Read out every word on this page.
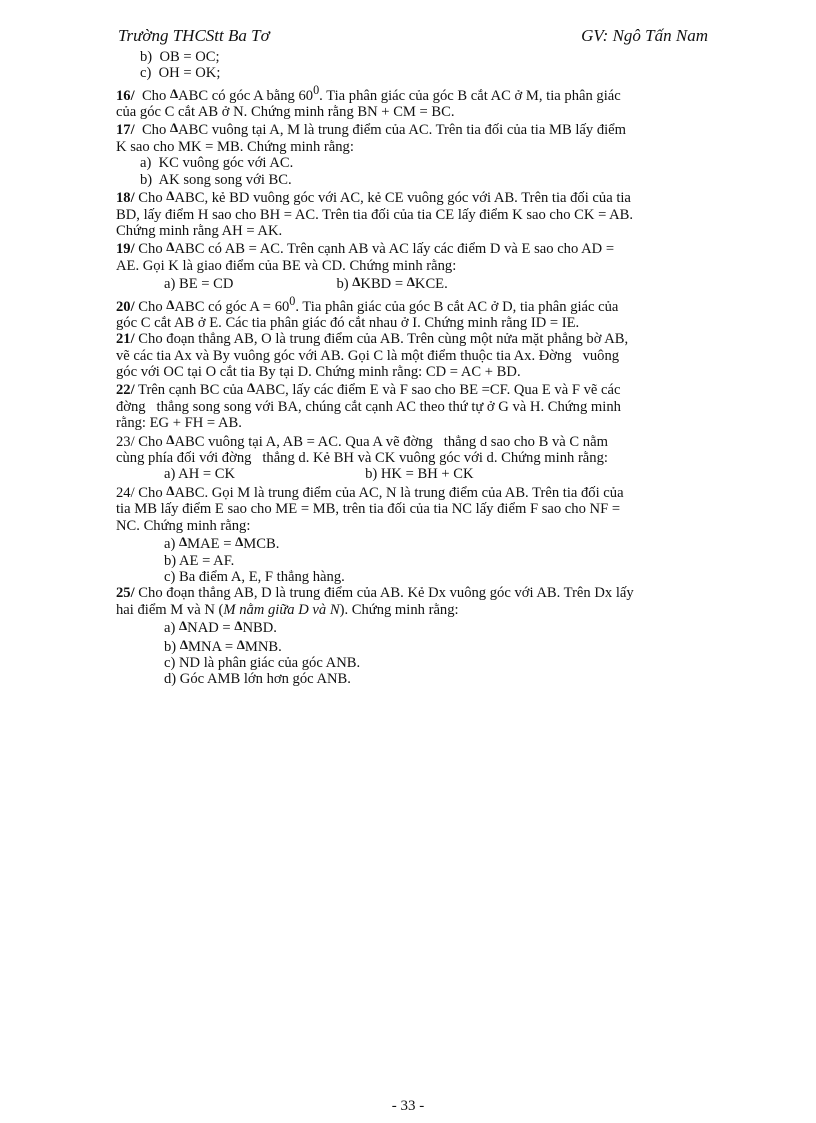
Trường THCStt Ba Tơ	GV: Ngô Tấn Nam
b)  OB = OC;
c)  OH = OK;
16/  Cho ΔABC có góc A bằng $60^0$. Tia phân giác của góc B cắt AC ở M, tia phân giác
của góc C cắt AB ở N. Chứng minh rằng BN + CM = BC.
17/  Cho ΔABC vuông tại A, M là trung điểm của AC. Trên tia đối của tia MB lấy điểm
K sao cho MK = MB. Chứng minh rằng:
a)  KC vuông góc với AC.
b)  AK song song với BC.
18/ Cho ΔABC, kẻ BD vuông góc với AC, kẻ CE vuông góc với AB. Trên tia đối của tia
BD, lấy điểm H sao cho BH = AC. Trên tia đối của tia CE lấy điểm K sao cho CK = AB.
Chứng minh rằng AH = AK.
19/ Cho ΔABC có AB = AC. Trên cạnh AB và AC lấy các điểm D và E sao cho AD =
AE. Gọi K là giao điểm của BE và CD. Chứng minh rằng:
a) BE = CD	b) ΔKBD = ΔKCE.
20/ Cho ΔABC có góc $A = 60^0$. Tia phân giác của góc B cắt AC ở D, tia phân giác của
góc C cắt AB ở E. Các tia phân giác đó cắt nhau ở I. Chứng minh rằng ID = IE.
21/ Cho đoạn thẳng AB, O là trung điểm của AB. Trên cùng một nửa mặt phẳng bờ AB,
vẽ các tia Ax và By vuông góc với AB. Gọi C là một điểm thuộc tia Ax. Đờng   vuông
góc với OC tại O cắt tia By tại D. Chứng minh rằng: CD = AC + BD.
22/ Trên cạnh BC của ΔABC, lấy các điểm E và F sao cho BE =CF. Qua E và F vẽ các
đờng   thẳng song song với BA, chúng cắt cạnh AC theo thứ tự ở G và H. Chứng minh
rằng: EG + FH = AB.
23/ Cho ΔABC vuông tại A, AB = AC. Qua A vẽ đờng   thẳng d sao cho B và C nằm
cùng phía đối với đờng   thẳng d. Kẻ BH và CK vuông góc với d. Chứng minh rằng:
a) AH = CK	b) HK = BH + CK
24/ Cho ΔABC. Gọi M là trung điểm của AC, N là trung điểm của AB. Trên tia đối của
tia MB lấy điểm E sao cho ME = MB, trên tia đối của tia NC lấy điểm F sao cho NF =
NC. Chứng minh rằng:
a) ΔMAE = ΔMCB.
b) AE = AF.
c) Ba điểm A, E, F thẳng hàng.
25/ Cho đoạn thẳng AB, D là trung điểm của AB. Kẻ Dx vuông góc với AB. Trên Dx lấy
hai điểm M và N (M nằm giữa D và N). Chứng minh rằng:
a) ΔNAD = ΔNBD.
b) ΔMNA = ΔMNB.
c) ND là phân giác của góc ANB.
d) Góc AMB lớn hơn góc ANB.
- 33 -
